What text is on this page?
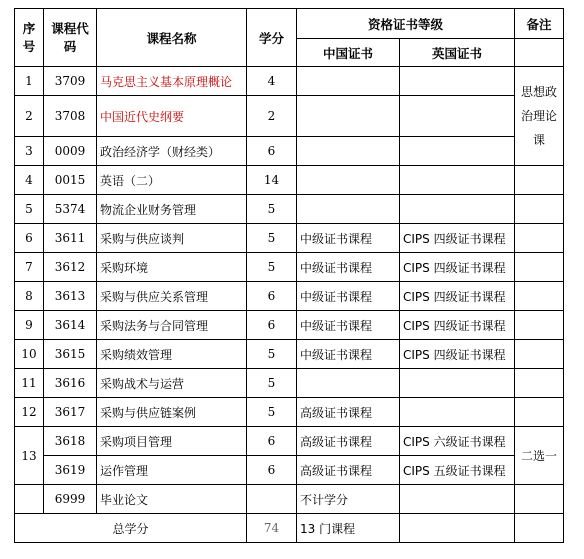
序号	课程代码	课程名称	学分	资格证书等级		备注
				中国证书	英国证书	
1	3709	马克思主义基本原理概论	4			思想政治理论课
2	3708	中国近代史纲要	2			
3	0009	政治经济学（财经类）	6			
4	0015	英语（二）	14			
5	5374	物流企业财务管理	5			
6	3611	采购与供应谈判	5	中级证书课程	CIPS 四级证书课程	
7	3612	采购环境	5	中级证书课程	CIPS 四级证书课程	
8	3613	采购与供应关系管理	6	中级证书课程	CIPS 四级证书课程	
9	3614	采购法务与合同管理	6	中级证书课程	CIPS 四级证书课程	
10	3615	采购绩效管理	5	中级证书课程	CIPS 四级证书课程	
11	3616	采购战术与运营	5			
12	3617	采购与供应链案例	5	高级证书课程		
13	3618	采购项目管理	6	高级证书课程	CIPS 六级证书课程	二选一
	3619	运作管理	6	高级证书课程	CIPS 五级证书课程	
	6999	毕业论文		不计学分		
总学分			74	13 门课程		
